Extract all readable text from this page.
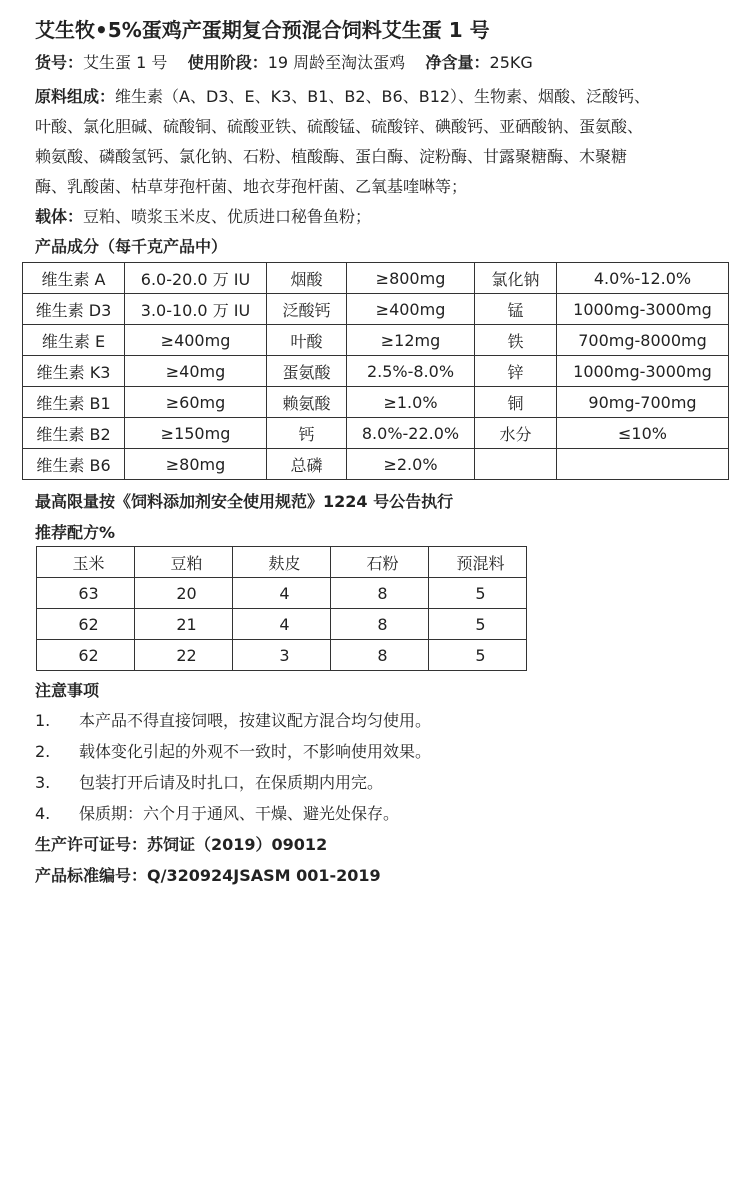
艾生牧•5%蛋鸡产蛋期复合预混合饲料艾生蛋 1 号
货号：艾生蛋 1 号 使用阶段：19 周龄至淘汰蛋鸡 净含量：25KG
原料组成：维生素（A、D3、E、K3、B1、B2、B6、B12）、生物素、烟酸、泛酸钙、
叶酸、氯化胆碱、硫酸铜、硫酸亚铁、硫酸锰、硫酸锌、碘酸钙、亚硒酸钠、蛋氨酸、
赖氨酸、磷酸氢钙、氯化钠、石粉、植酸酶、蛋白酶、淀粉酶、甘露聚糖酶、木聚糖
酶、乳酸菌、枯草芽孢杆菌、地衣芽孢杆菌、乙氧基喹啉等；
载体：豆粕、喷浆玉米皮、优质进口秘鲁鱼粉；
产品成分（每千克产品中）
维生素 A	6.0-20.0 万 IU	烟酸	≥800mg	氯化钠	4.0%-12.0%
维生素 D3	3.0-10.0 万 IU	泛酸钙	≥400mg	锰	1000mg-3000mg
维生素 E	≥400mg	叶酸	≥12mg	铁	700mg-8000mg
维生素 K3	≥40mg	蛋氨酸	2.5%-8.0%	锌	1000mg-3000mg
维生素 B1	≥60mg	赖氨酸	≥1.0%	铜	90mg-700mg
维生素 B2	≥150mg	钙	8.0%-22.0%	水分	≤10%
维生素 B6	≥80mg	总磷	≥2.0%		
最高限量按《饲料添加剂安全使用规范》1224 号公告执行
推荐配方%
玉米	豆粕	麸皮	石粉	预混料
63	20	4	8	5
62	21	4	8	5
62	22	3	8	5
注意事项
1. 本产品不得直接饲喂，按建议配方混合均匀使用。
2. 载体变化引起的外观不一致时，不影响使用效果。
3. 包装打开后请及时扎口，在保质期内用完。
4. 保质期：六个月于通风、干燥、避光处保存。
生产许可证号：苏饲证（2019）09012
产品标准编号：Q/320924JSASM 001-2019
